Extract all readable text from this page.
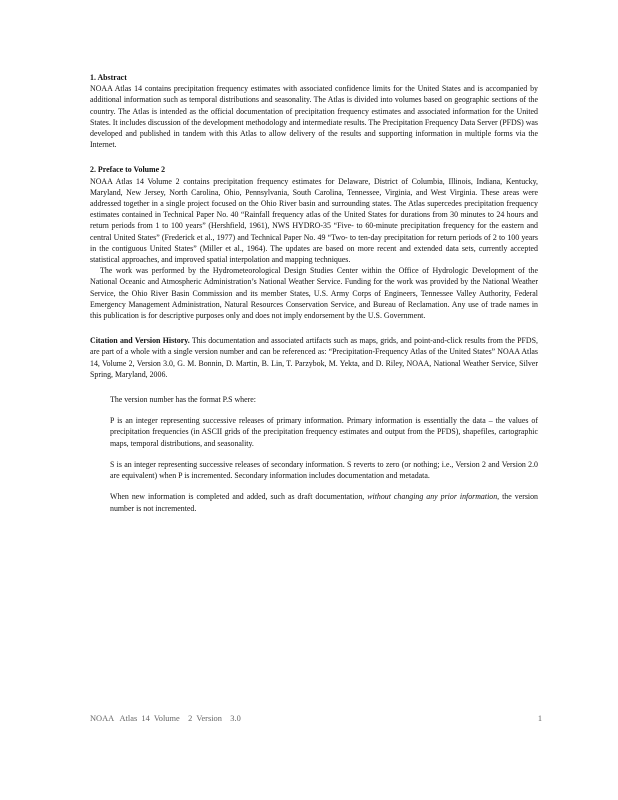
1. Abstract

NOAA Atlas 14 contains precipitation frequency estimates with associated confidence limits for the United States and is accompanied by additional information such as temporal distributions and seasonality. The Atlas is divided into volumes based on geographic sections of the country. The Atlas is intended as the official documentation of precipitation frequency estimates and associated information for the United States. It includes discussion of the development methodology and intermediate results. The Precipitation Frequency Data Server (PFDS) was developed and published in tandem with this Atlas to allow delivery of the results and supporting information in multiple forms via the Internet.

2. Preface to Volume 2

NOAA Atlas 14 Volume 2 contains precipitation frequency estimates for Delaware, District of Columbia, Illinois, Indiana, Kentucky, Maryland, New Jersey, North Carolina, Ohio, Pennsylvania, South Carolina, Tennessee, Virginia, and West Virginia. These areas were addressed together in a single project focused on the Ohio River basin and surrounding states. The Atlas supercedes precipitation frequency estimates contained in Technical Paper No. 40 “Rainfall frequency atlas of the United States for durations from 30 minutes to 24 hours and return periods from 1 to 100 years” (Hershfield, 1961), NWS HYDRO-35 “Five- to 60-minute precipitation frequency for the eastern and central United States” (Frederick et al., 1977) and Technical Paper No. 49 “Two- to ten-day precipitation for return periods of 2 to 100 years in the contiguous United States” (Miller et al., 1964). The updates are based on more recent and extended data sets, currently accepted statistical approaches, and improved spatial interpolation and mapping techniques.

The work was performed by the Hydrometeorological Design Studies Center within the Office of Hydrologic Development of the National Oceanic and Atmospheric Administration’s National Weather Service. Funding for the work was provided by the National Weather Service, the Ohio River Basin Commission and its member States, U.S. Army Corps of Engineers, Tennessee Valley Authority, Federal Emergency Management Administration, Natural Resources Conservation Service, and Bureau of Reclamation. Any use of trade names in this publication is for descriptive purposes only and does not imply endorsement by the U.S. Government.

Citation and Version History. This documentation and associated artifacts such as maps, grids, and point-and-click results from the PFDS, are part of a whole with a single version number and can be referenced as: “Precipitation-Frequency Atlas of the United States” NOAA Atlas 14, Volume 2, Version 3.0, G. M. Bonnin, D. Martin, B. Lin, T. Parzybok, M. Yekta, and D. Riley, NOAA, National Weather Service, Silver Spring, Maryland, 2006.

The version number has the format P.S where:

P is an integer representing successive releases of primary information. Primary information is essentially the data – the values of precipitation frequencies (in ASCII grids of the precipitation frequency estimates and output from the PFDS), shapefiles, cartographic maps, temporal distributions, and seasonality.

S is an integer representing successive releases of secondary information. S reverts to zero (or nothing; i.e., Version 2 and Version 2.0 are equivalent) when P is incremented. Secondary information includes documentation and metadata.

When new information is completed and added, such as draft documentation, without changing any prior information, the version number is not incremented.

NOAA   Atlas  14  Volume    2  Version    3.0	1
